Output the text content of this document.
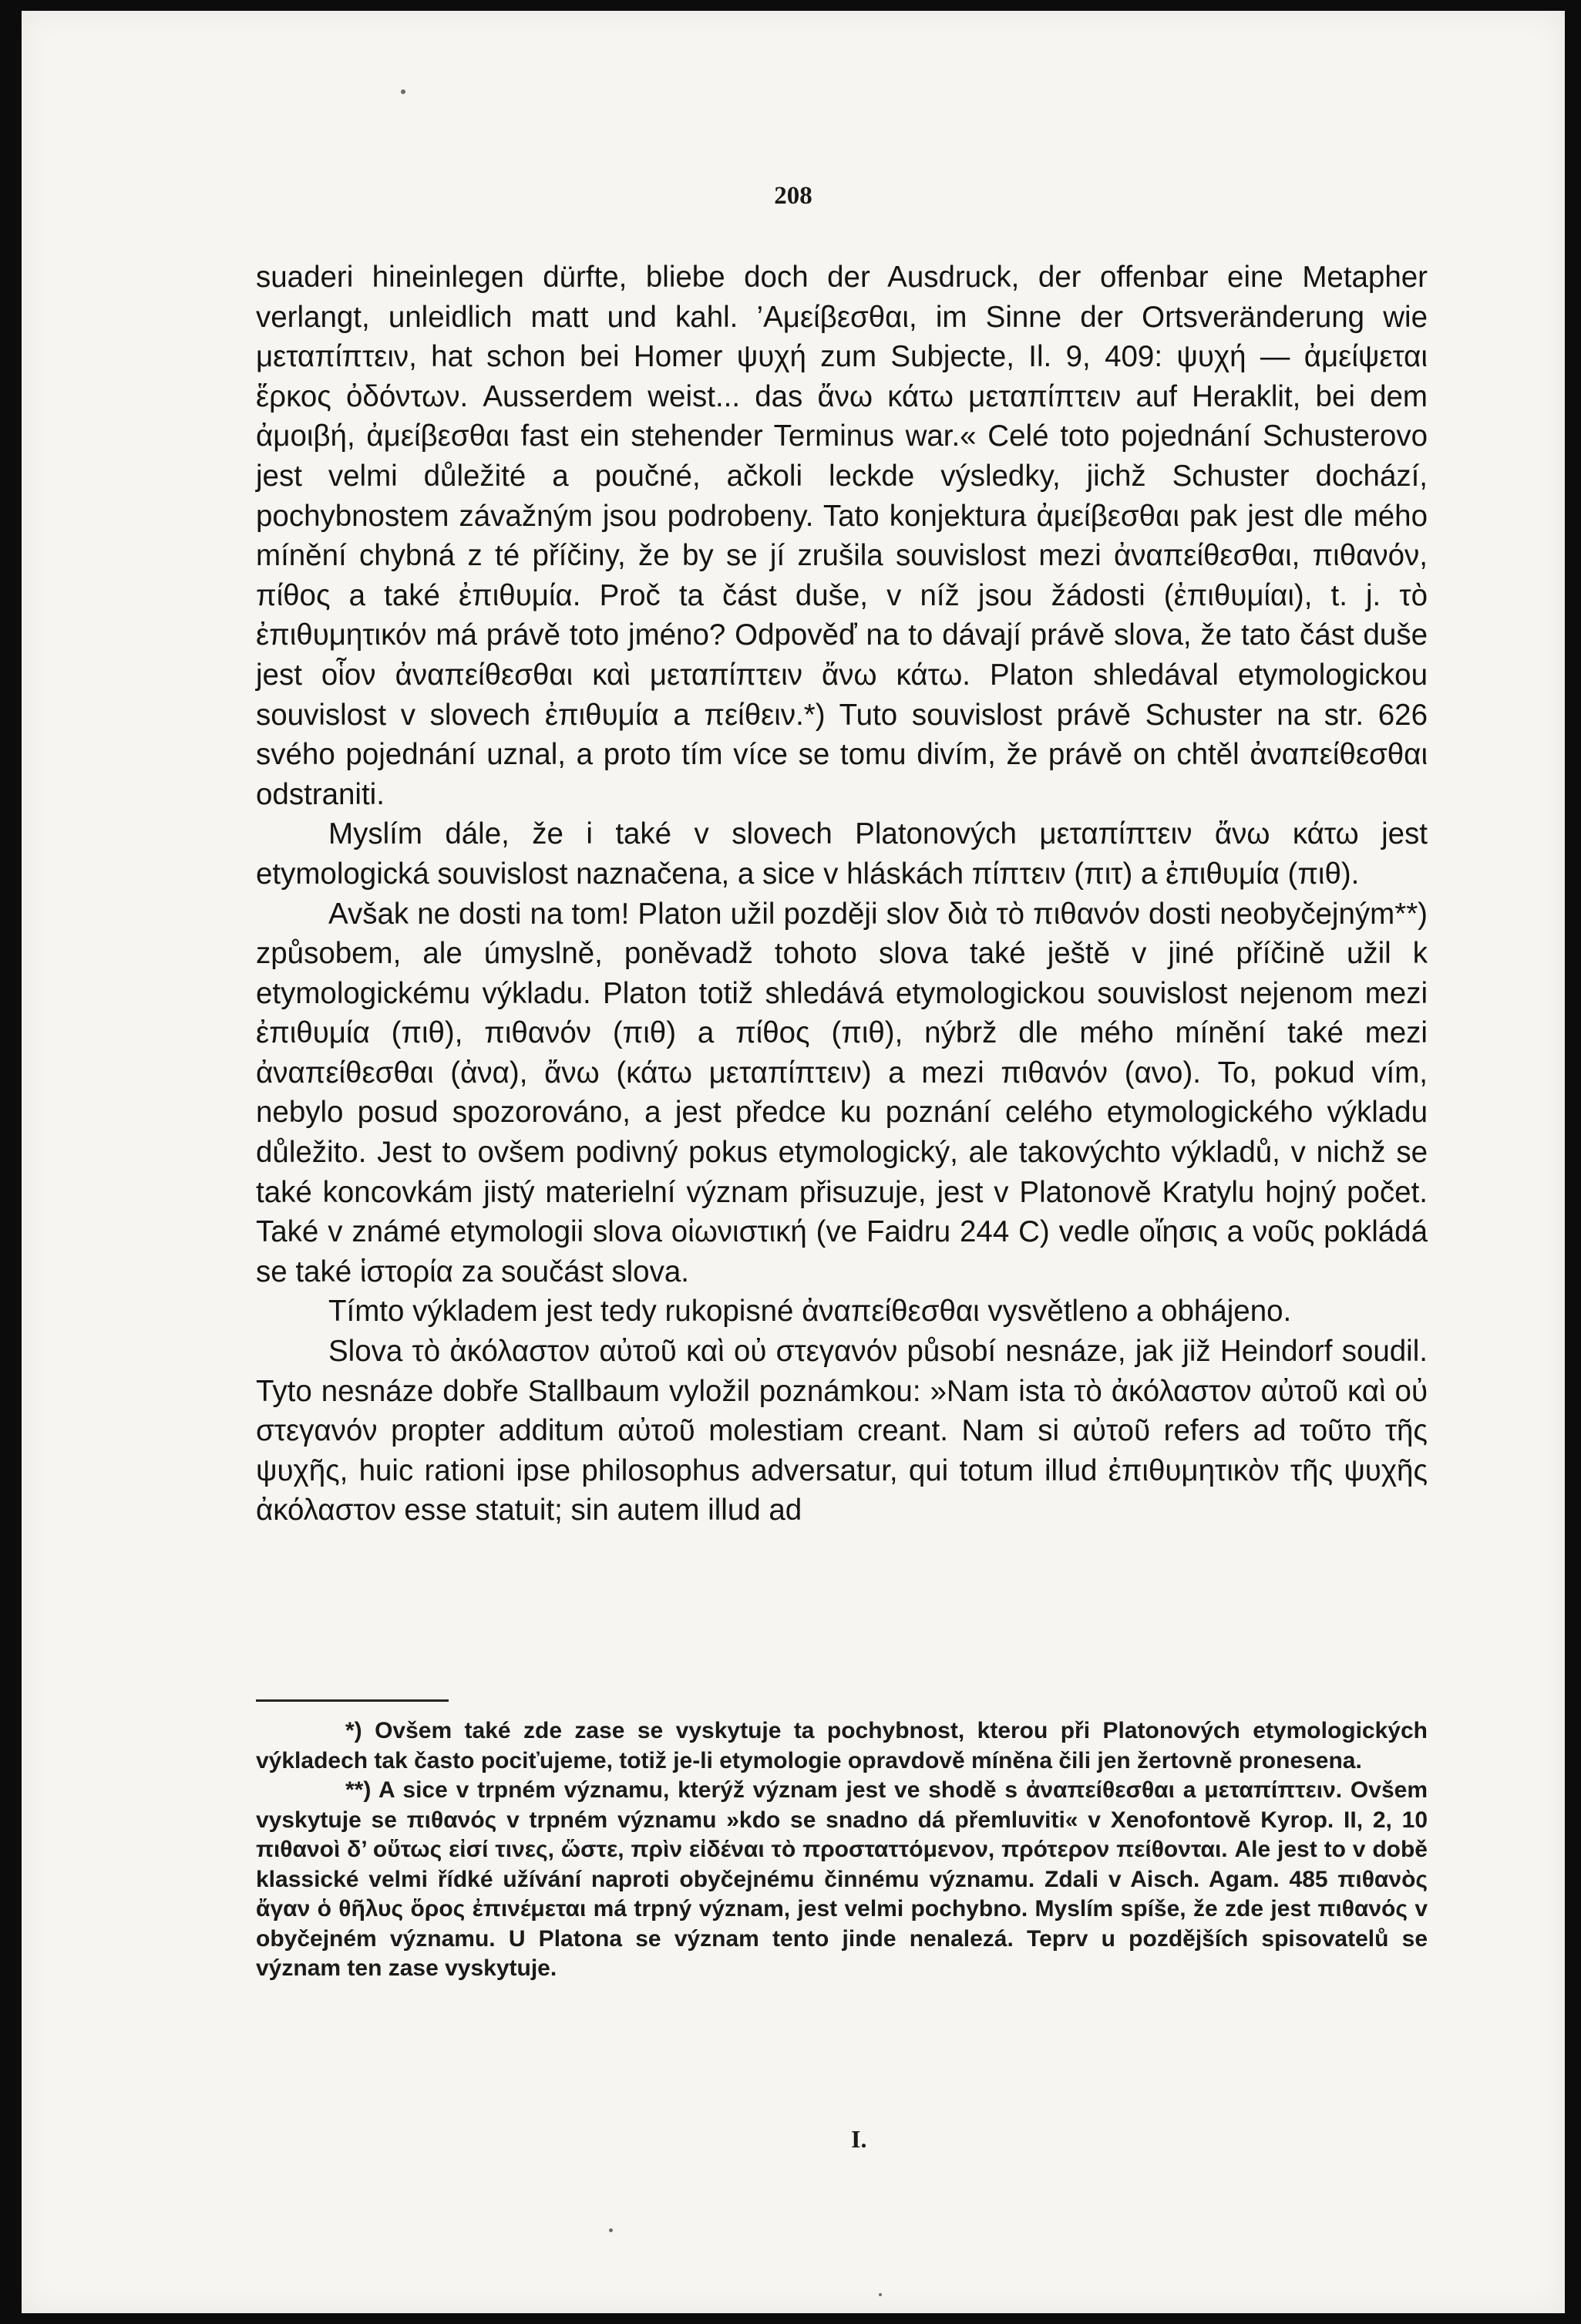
208

suaderi hineinlegen dürfte, bliebe doch der Ausdruck, der offenbar eine Metapher verlangt, unleidlich matt und kahl. ’Αμείβεσθαι, im Sinne der Ortsveränderung wie μεταπίπτειν, hat schon bei Homer ψυχή zum Subjecte, Il. 9, 409: ψυχή — ἀμείψεται ἕρκος ὀδόντων. Ausserdem weist... das ἄνω κάτω μεταπίπτειν auf Heraklit, bei dem ἀμοιβή, ἀμείβεσθαι fast ein stehender Terminus war.« Celé toto pojednání Schusterovo jest velmi důležité a poučné, ačkoli leckde výsledky, jichž Schuster dochází, pochybnostem závažným jsou podrobeny. Tato konjektura ἀμείβεσθαι pak jest dle mého mínění chybná z té příčiny, že by se jí zrušila souvislost mezi ἀναπείθεσθαι, πιθανόν, πίθος a také ἐπιθυμία. Proč ta část duše, v níž jsou žádosti (ἐπιθυμίαι), t. j. τὸ ἐπιθυμητικόν má právě toto jméno? Odpověď na to dávají právě slova, že tato část duše jest οἷον ἀναπείθεσθαι καὶ μεταπίπτειν ἄνω κάτω. Platon shledával etymologickou souvislost v slovech ἐπιθυμία a πείθειν.*) Tuto souvislost právě Schuster na str. 626 svého pojednání uznal, a proto tím více se tomu divím, že právě on chtěl ἀναπείθεσθαι odstraniti.

Myslím dále, že i také v slovech Platonových μεταπίπτειν ἄνω κάτω jest etymologická souvislost naznačena, a sice v hláskách πίπτειν (πιτ) a ἐπιθυμία (πιθ).

Avšak ne dosti na tom! Platon užil později slov διὰ τὸ πιθανόν dosti neobyčejným**) způsobem, ale úmyslně, poněvadž tohoto slova také ještě v jiné příčině užil k etymologickému výkladu. Platon totiž shledává etymologickou souvislost nejenom mezi ἐπιθυμία (πιθ), πιθανόν (πιθ) a πίθος (πιθ), nýbrž dle mého mínění také mezi ἀναπείθεσθαι (ἀνα), ἄνω (κάτω μεταπίπτειν) a mezi πιθανόν (ανο). To, pokud vím, nebylo posud spozorováno, a jest předce ku poznání celého etymologického výkladu důležito. Jest to ovšem podivný pokus etymologický, ale takovýchto výkladů, v nichž se také koncovkám jistý materielní význam přisuzuje, jest v Platonově Kratylu hojný počet. Také v známé etymologii slova οἰωνιστική (ve Faidru 244 C) vedle οἴησις a νοῦς pokládá se také ἱστορία za součást slova.

Tímto výkladem jest tedy rukopisné ἀναπείθεσθαι vysvětleno a obhájeno.

Slova τὸ ἀκόλαστον αὐτοῦ καὶ οὐ στεγανόν působí nesnáze, jak již Heindorf soudil. Tyto nesnáze dobře Stallbaum vyložil poznámkou: »Nam ista τὸ ἀκόλαστον αὐτοῦ καὶ οὐ στεγανόν propter additum αὐτοῦ molestiam creant. Nam si αὐτοῦ refers ad τοῦτο τῆς ψυχῆς, huic rationi ipse philosophus adversatur, qui totum illud ἐπιθυμητικὸν τῆς ψυχῆς ἀκόλαστον esse statuit; sin autem illud ad

*) Ovšem také zde zase se vyskytuje ta pochybnost, kterou při Platonových etymologických výkladech tak často pociťujeme, totiž je-li etymologie opravdově míněna čili jen žertovně pronesena.

**) A sice v trpném významu, kterýž význam jest ve shodě s ἀναπείθεσθαι a μεταπίπτειν. Ovšem vyskytuje se πιθανός v trpném významu »kdo se snadno dá přemluviti« v Xenofontově Kyrop. II, 2, 10 πιθανοὶ δ’ οὕτως εἰσί τινες, ὥστε, πρὶν εἰδέναι τὸ προσταττόμενον, πρότερον πείθονται. Ale jest to v době klassické velmi řídké užívání naproti obyčejnému činnému významu. Zdali v Aisch. Agam. 485 πιθανὸς ἄγαν ὁ θῆλυς ὅρος ἐπινέμεται má trpný význam, jest velmi pochybno. Myslím spíše, že zde jest πιθανός v obyčejném významu. U Platona se význam tento jinde nenalezá. Teprv u pozdějších spisovatelů se význam ten zase vyskytuje.

I.
